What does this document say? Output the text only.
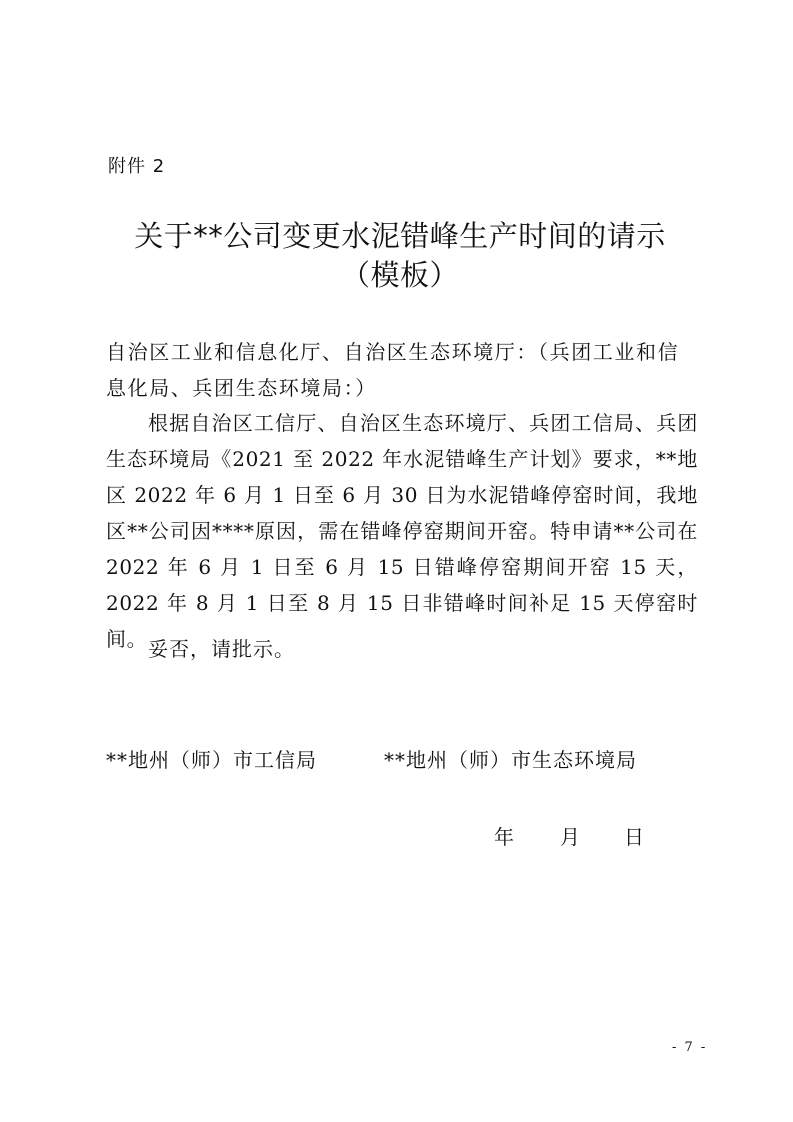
附件 2
关于**公司变更水泥错峰生产时间的请示
（模板）
自治区工业和信息化厅、自治区生态环境厅：（兵团工业和信息化局、兵团生态环境局：）
根据自治区工信厅、自治区生态环境厅、兵团工信局、兵团生态环境局《2021 至 2022 年水泥错峰生产计划》要求，**地区 2022 年 6 月 1 日至 6 月 30 日为水泥错峰停窑时间，我地区**公司因****原因，需在错峰停窑期间开窑。特申请**公司在 2022 年 6 月 1 日至 6 月 15 日错峰停窑期间开窑 15 天，2022 年 8 月 1 日至 8 月 15 日非错峰时间补足 15 天停窑时间。 妥否，请批示。
**地州（师）市工信局	**地州（师）市生态环境局
年 月 日
- 7 -
